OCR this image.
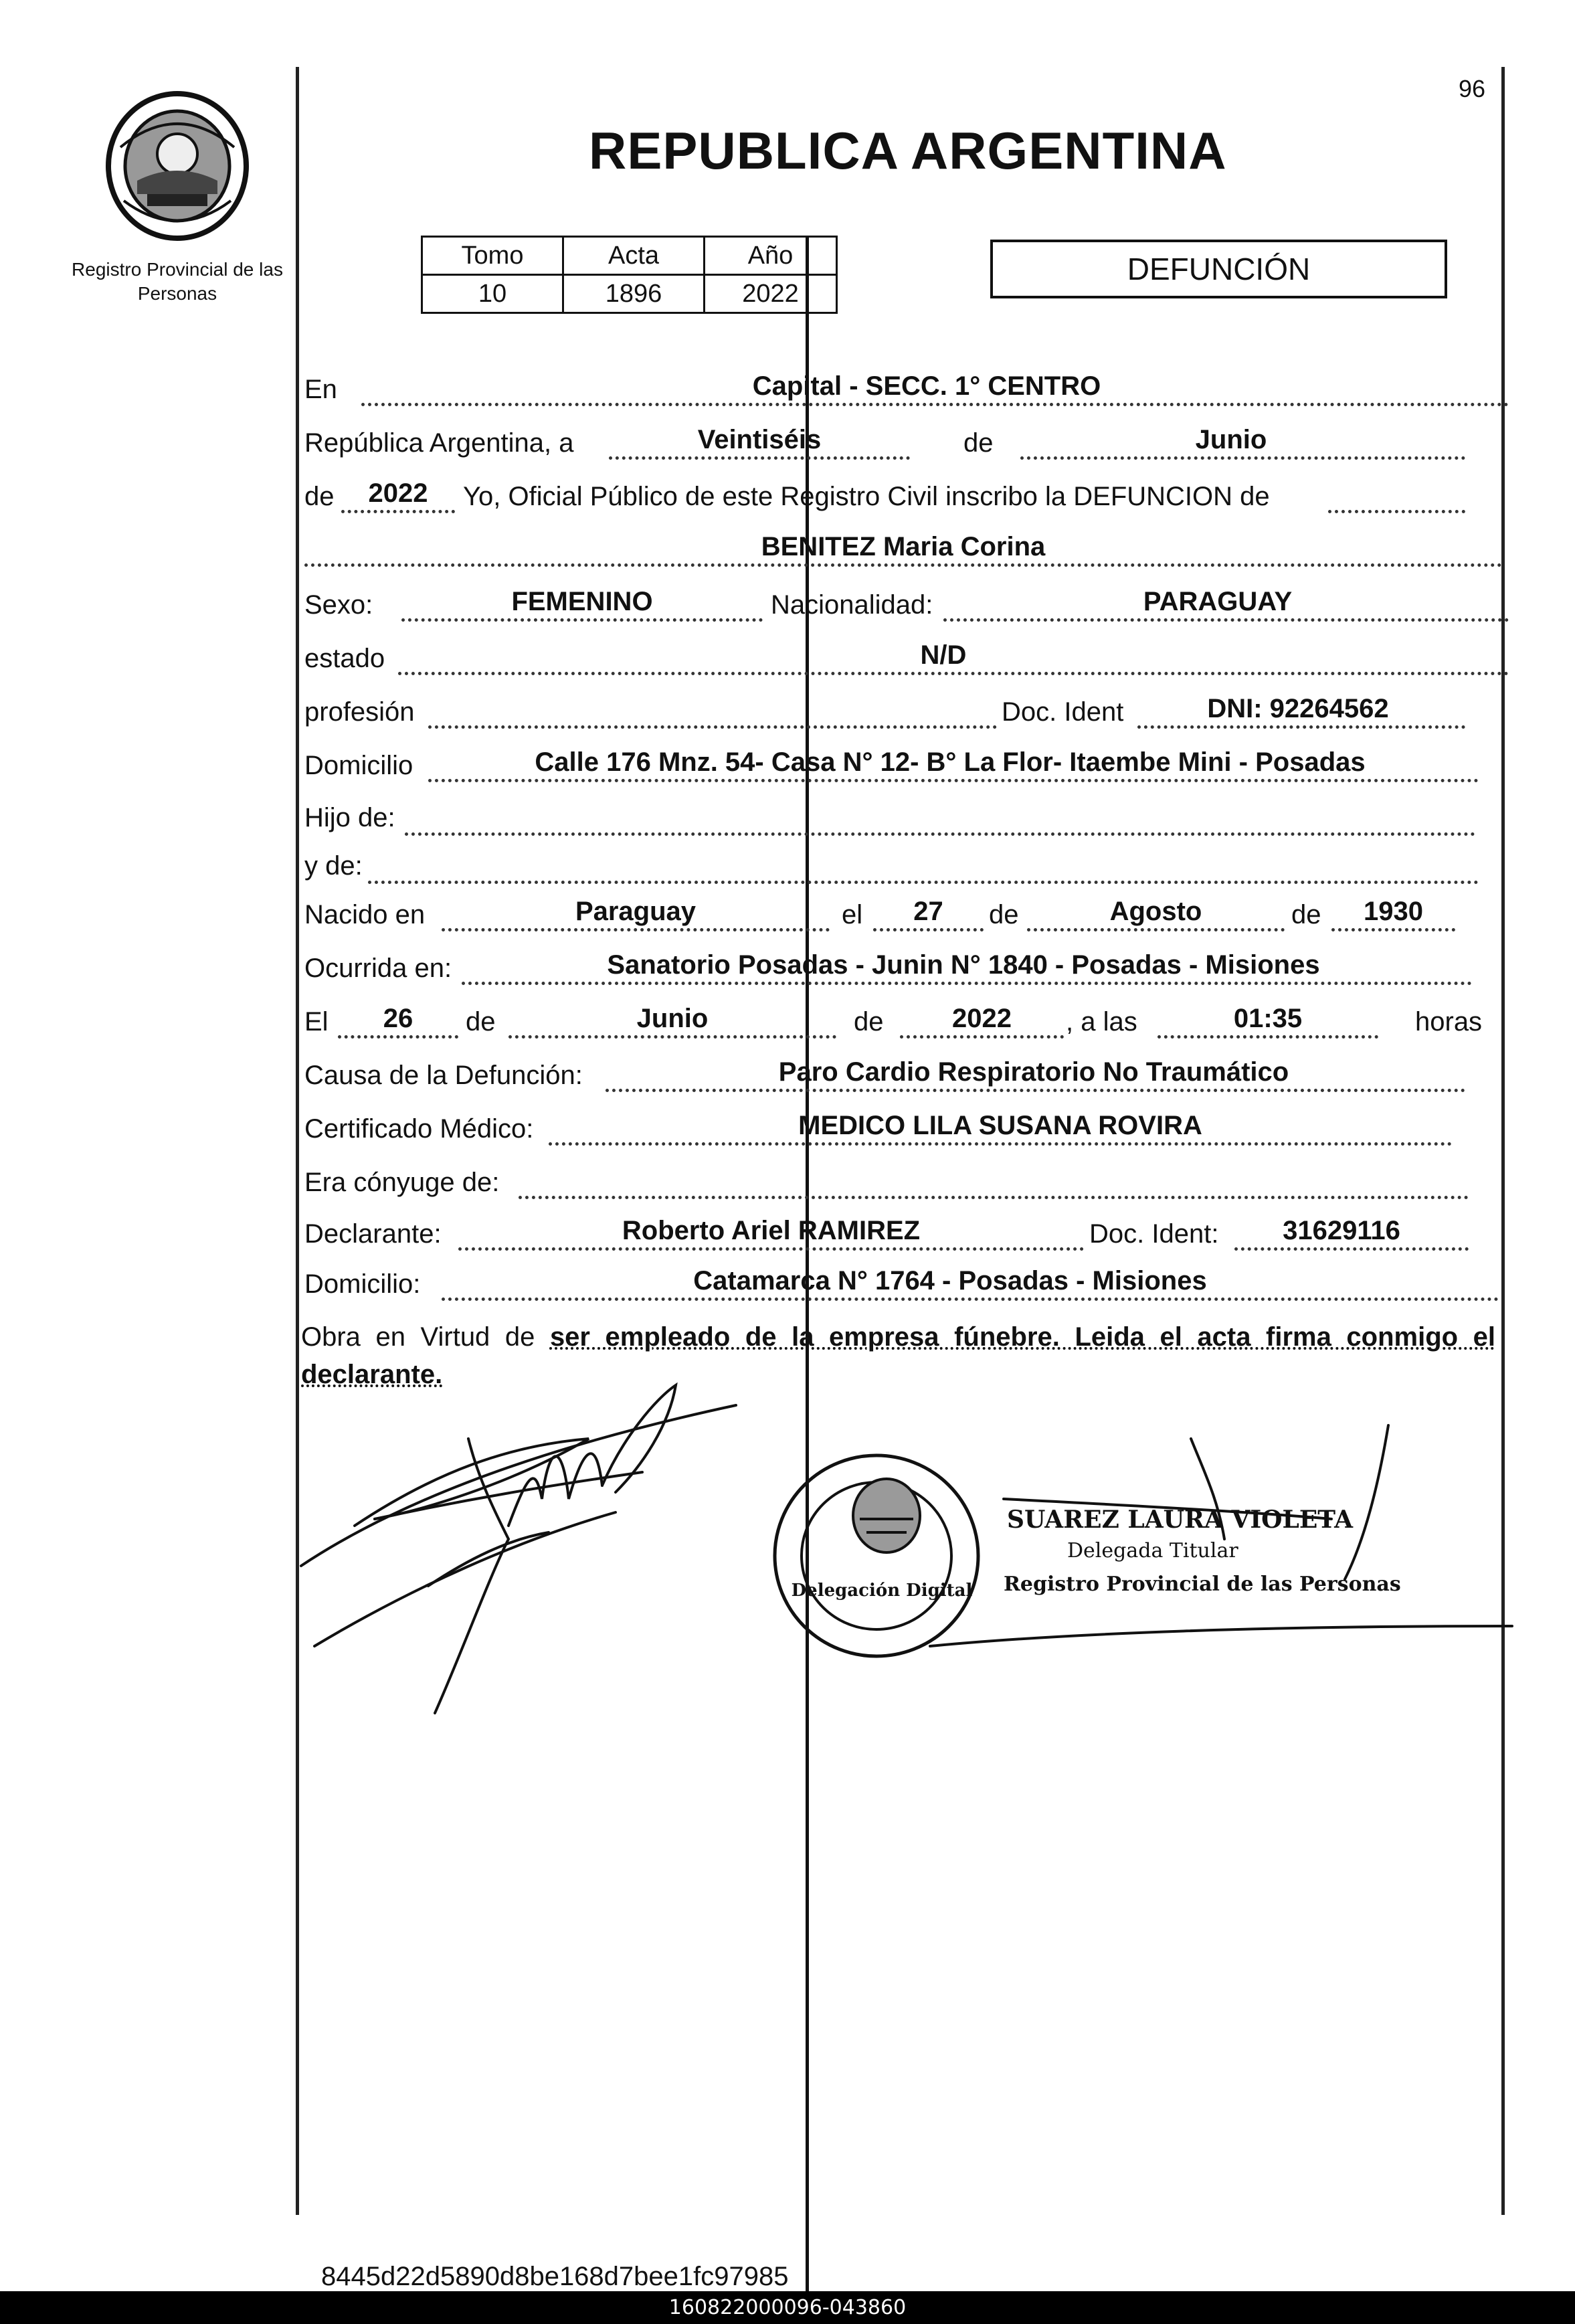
Registro Provincial de las Personas
96
REPUBLICA ARGENTINA
Tomo	Acta	Año
10	1896	2022
DEFUNCIÓN
En	Capital - SECC. 1° CENTRO
República Argentina, a	Veintiséis	de	Junio
de	2022	Yo, Oficial Público de este Registro Civil inscribo la DEFUNCION de
BENITEZ Maria Corina
Sexo:	FEMENINO	Nacionalidad:	PARAGUAY
estado	N/D
profesión	Doc. Ident	DNI: 92264562
Domicilio	Calle 176 Mnz. 54- Casa N° 12- B° La Flor- Itaembe Mini - Posadas
Hijo de:
y de:
Nacido en	Paraguay	el	27	de	Agosto	de	1930
Ocurrida en:	Sanatorio Posadas - Junin N° 1840 - Posadas - Misiones
El	26	de	Junio	de	2022	, a las	01:35	horas
Causa de la Defunción:	Paro Cardio Respiratorio No Traumático
Certificado Médico:	MEDICO LILA SUSANA ROVIRA
Era cónyuge de:
Declarante:	Roberto Ariel RAMIREZ	Doc. Ident:	31629116
Domicilio:	Catamarca N° 1764 - Posadas - Misiones
Obra en Virtud de ser empleado de la empresa fúnebre. Leida el acta firma conmigo el declarante.
Delegación Digital
SUAREZ LAURA VIOLETA
Delegada Titular
Registro Provincial de las Personas
8445d22d5890d8be168d7bee1fc97985
160822000096-043860
